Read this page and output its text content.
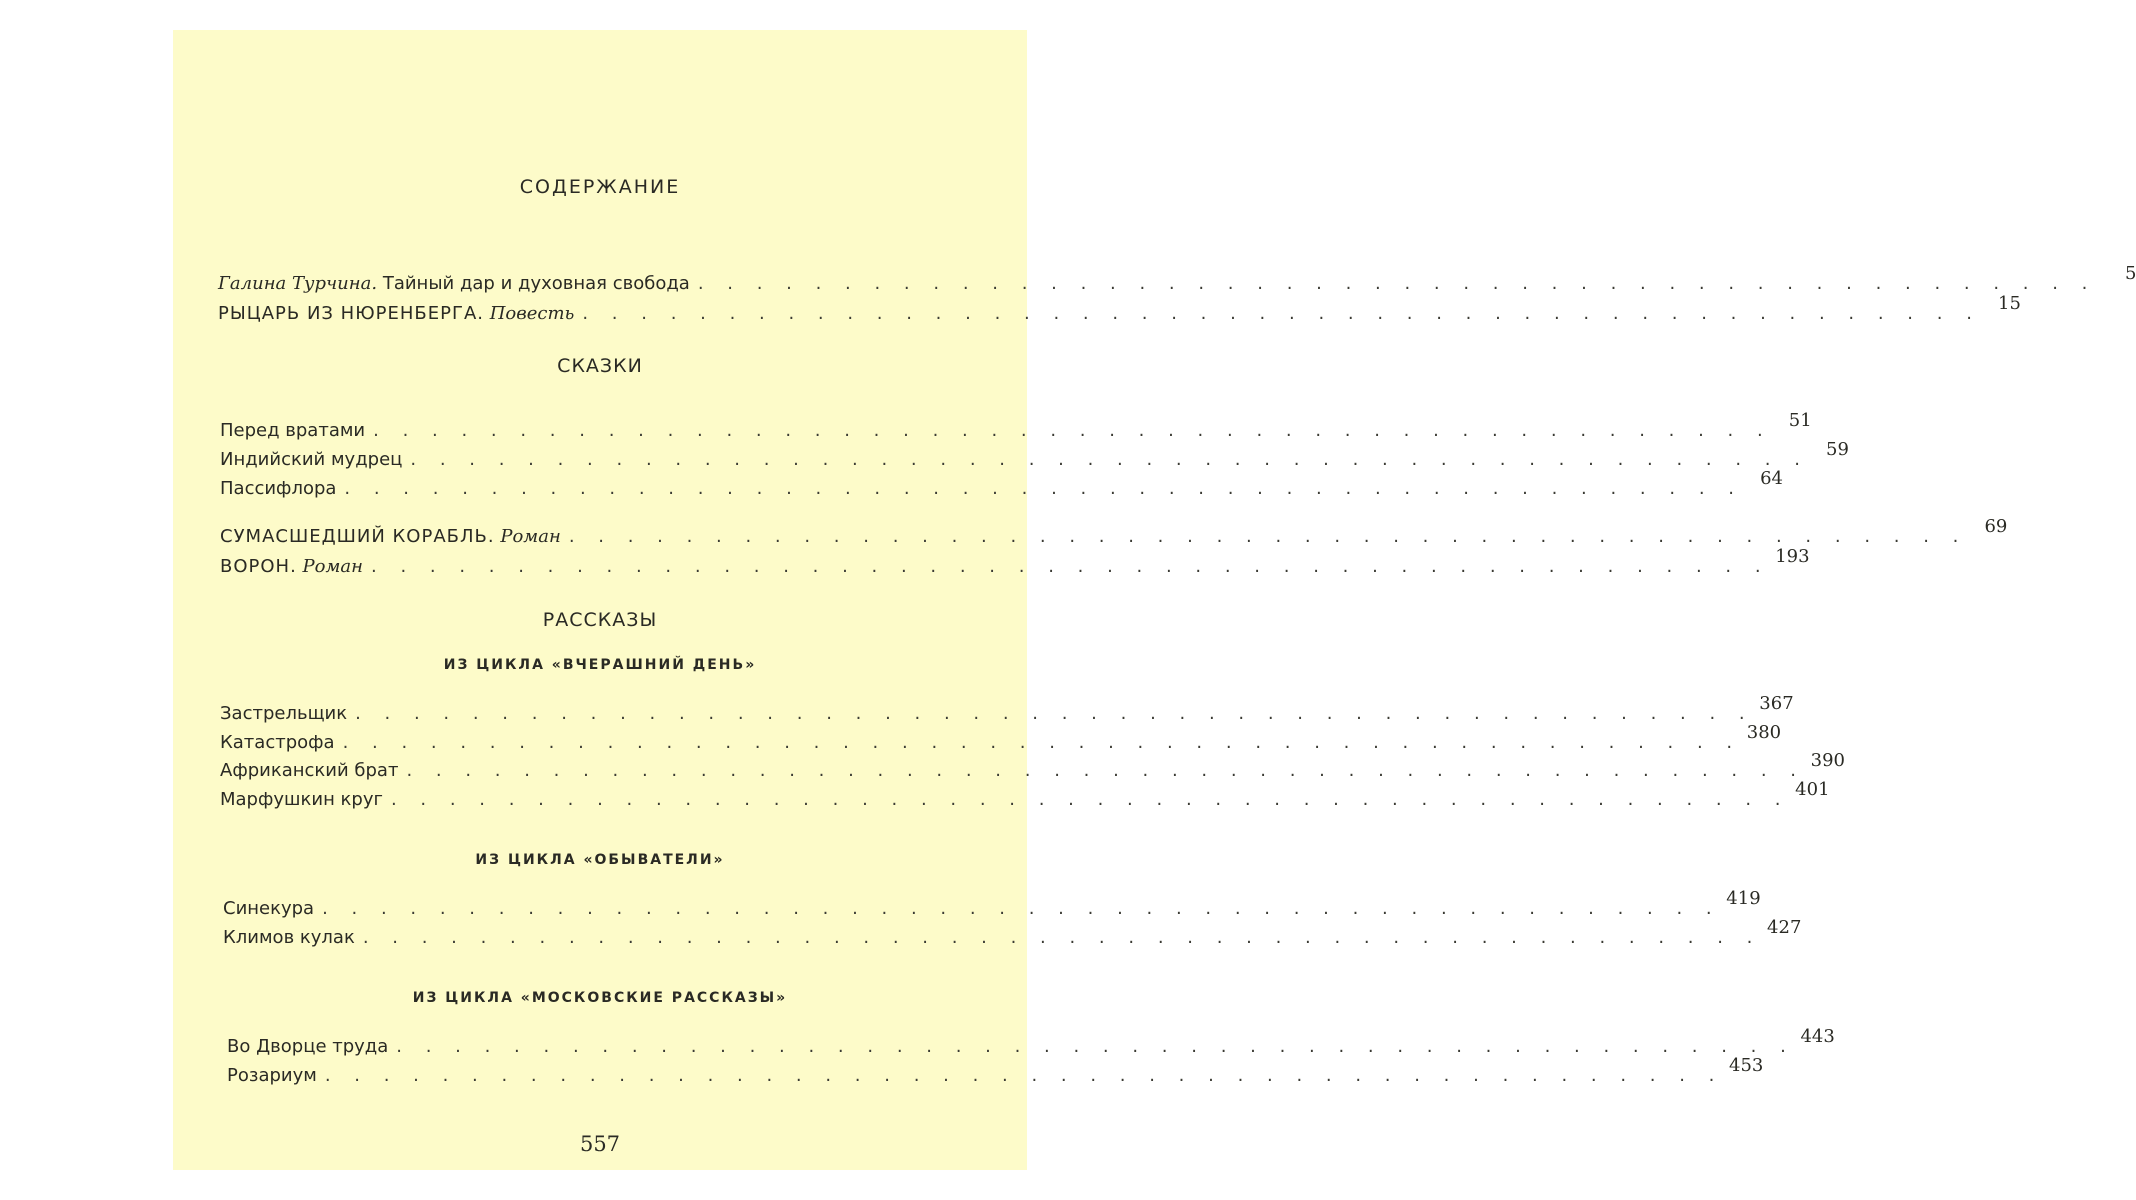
СОДЕРЖАНИЕ
Галина Турчина. Тайный дар и духовная свобода . . . . . . . . . . . . . . . . . . . . . . . . . . . . . . . . . . . . . . . . . . . . . . . .	5
РЫЦАРЬ ИЗ НЮРЕНБЕРГА. Повесть . . . . . . . . . . . . . . . . . . . . . . . . . . . . . . . . . . . . . . . . . . . . . . . . 15
СКАЗКИ
Перед вратами . . . . . . . . . . . . . . . . . . . . . . . . . . . . . . . . . . . . . . . . . . . . . . . . 51
Индийский мудрец . . . . . . . . . . . . . . . . . . . . . . . . . . . . . . . . . . . . . . . . . . . . . . . . 59
Пассифлора . . . . . . . . . . . . . . . . . . . . . . . . . . . . . . . . . . . . . . . . . . . . . . . . 64
СУМАСШЕДШИЙ КОРАБЛЬ. Роман . . . . . . . . . . . . . . . . . . . . . . . . . . . . . . . . . . . . . . . . . . . . . . . . 69
ВОРОН. Роман . . . . . . . . . . . . . . . . . . . . . . . . . . . . . . . . . . . . . . . . . . . . . . . . 193
РАССКАЗЫ
ИЗ ЦИКЛА «ВЧЕРАШНИЙ ДЕНЬ»
Застрельщик . . . . . . . . . . . . . . . . . . . . . . . . . . . . . . . . . . . . . . . . . . . . . . . . 367
Катастрофа . . . . . . . . . . . . . . . . . . . . . . . . . . . . . . . . . . . . . . . . . . . . . . . . 380
Африканский брат . . . . . . . . . . . . . . . . . . . . . . . . . . . . . . . . . . . . . . . . . . . . . . . . 390
Марфушкин круг . . . . . . . . . . . . . . . . . . . . . . . . . . . . . . . . . . . . . . . . . . . . . . . . 401
ИЗ ЦИКЛА «ОБЫВАТЕЛИ»
Синекура . . . . . . . . . . . . . . . . . . . . . . . . . . . . . . . . . . . . . . . . . . . . . . . . 419
Климов кулак . . . . . . . . . . . . . . . . . . . . . . . . . . . . . . . . . . . . . . . . . . . . . . . . 427
ИЗ ЦИКЛА «МОСКОВСКИЕ РАССКАЗЫ»
Во Дворце труда . . . . . . . . . . . . . . . . . . . . . . . . . . . . . . . . . . . . . . . . . . . . . . . . 443
Розариум . . . . . . . . . . . . . . . . . . . . . . . . . . . . . . . . . . . . . . . . . . . . . . . . 453
557
